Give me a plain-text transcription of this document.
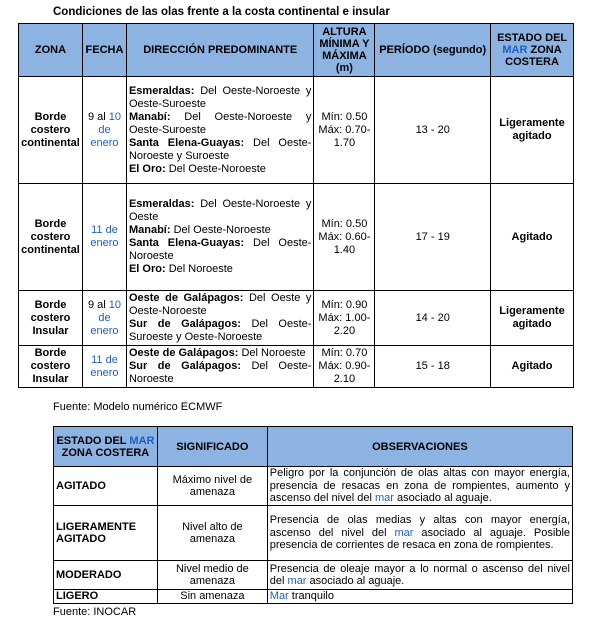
Condiciones de las olas frente a la costa continental e insular
ZONA	FECHA	DIRECCIÓN PREDOMINANTE	ALTURA MÍNIMA Y MÁXIMA (m)	PERÍODO (segundo)	ESTADO DEL MAR ZONA COSTERA
Borde costero continental	9 al 10 de enero	Esmeraldas: Del Oeste-Noroeste y Oeste-Suroeste
Manabí: Del Oeste-Noroeste y Oeste-Suroeste
Santa Elena-Guayas: Del Oeste-Noroeste y Suroeste
El Oro: Del Oeste-Noroeste	Mín: 0.50 Máx: 0.70-1.70	13 - 20	Ligeramente agitado
Borde costero continental	11 de enero	Esmeraldas: Del Oeste-Noroeste y Oeste
Manabí: Del Oeste-Noroeste
Santa Elena-Guayas: Del Oeste-Noroeste
El Oro: Del Noroeste	Mín: 0.50 Máx: 0.60-1.40	17 - 19	Agitado
Borde costero Insular	9 al 10 de enero	Oeste de Galápagos: Del Oeste y Oeste-Noroeste
Sur de Galápagos: Del Oeste-Suroeste y Oeste-Noroeste	Mín: 0.90 Máx: 1.00-2.20	14 - 20	Ligeramente agitado
Borde costero Insular	11 de enero	Oeste de Galápagos: Del Noroeste
Sur de Galápagos: Del Oeste-Noroeste	Mín: 0.70 Máx: 0.90-2.10	15 - 18	Agitado
Fuente: Modelo numérico ECMWF
ESTADO DEL MAR ZONA COSTERA	SIGNIFICADO	OBSERVACIONES
AGITADO	Máximo nivel de amenaza	Peligro por la conjunción de olas altas con mayor energía, presencia de resacas en zona de rompientes, aumento y ascenso del nivel del mar asociado al aguaje.
LIGERAMENTE AGITADO	Nivel alto de amenaza	Presencia de olas medias y altas con mayor energía, ascenso del nivel del mar asociado al aguaje. Posible presencia de corrientes de resaca en zona de rompientes.
MODERADO	Nivel medio de amenaza	Presencia de oleaje mayor a lo normal o ascenso del nivel del mar asociado al aguaje.
LIGERO	Sin amenaza	Mar tranquilo
Fuente: INOCAR
